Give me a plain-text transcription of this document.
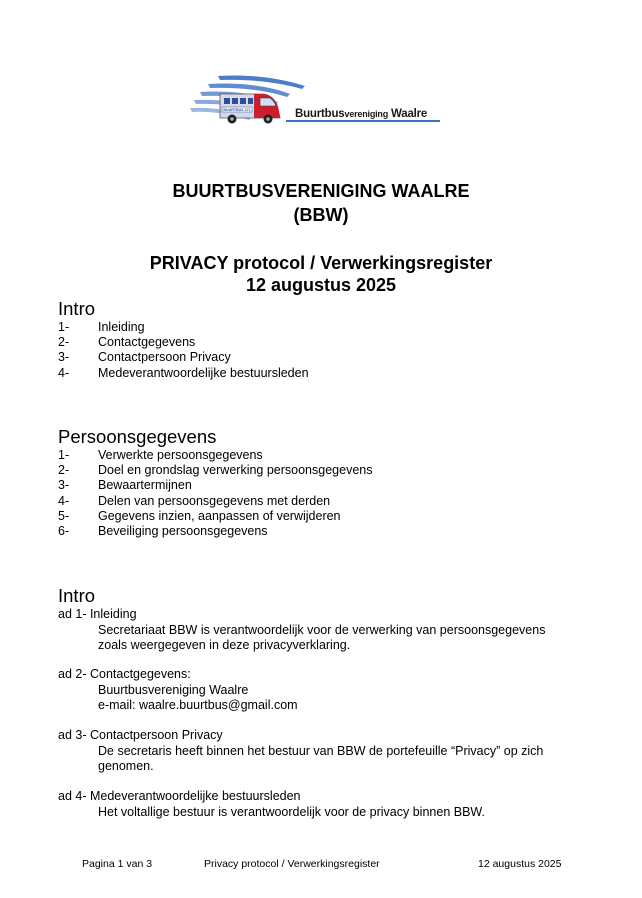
BUURTBUS 271	Buurtbusvereniging Waalre
BUURTBUSVERENIGING WAALRE
(BBW)
PRIVACY protocol / Verwerkingsregister
12 augustus 2025
Intro
1-	Inleiding
2-	Contactgegevens
3-	Contactpersoon Privacy
4-	Medeverantwoordelijke bestuursleden
Persoonsgegevens
1-	Verwerkte persoonsgegevens
2-	Doel en grondslag verwerking persoonsgegevens
3-	Bewaartermijnen
4-	Delen van persoonsgegevens met derden
5-	Gegevens inzien, aanpassen of verwijderen
6-	Beveiliging persoonsgegevens
Intro
ad 1- Inleiding
Secretariaat BBW is verantwoordelijk voor de verwerking van persoonsgegevens
zoals weergegeven in deze privacyverklaring.
ad 2- Contactgegevens:
Buurtbusvereniging Waalre
e-mail: waalre.buurtbus@gmail.com
ad 3- Contactpersoon Privacy
De secretaris heeft binnen het bestuur van BBW de portefeuille “Privacy” op zich
genomen.
ad 4- Medeverantwoordelijke bestuursleden
Het voltallige bestuur is verantwoordelijk voor de privacy binnen BBW.
Pagina 1 van 3	Privacy protocol / Verwerkingsregister	12 augustus 2025
